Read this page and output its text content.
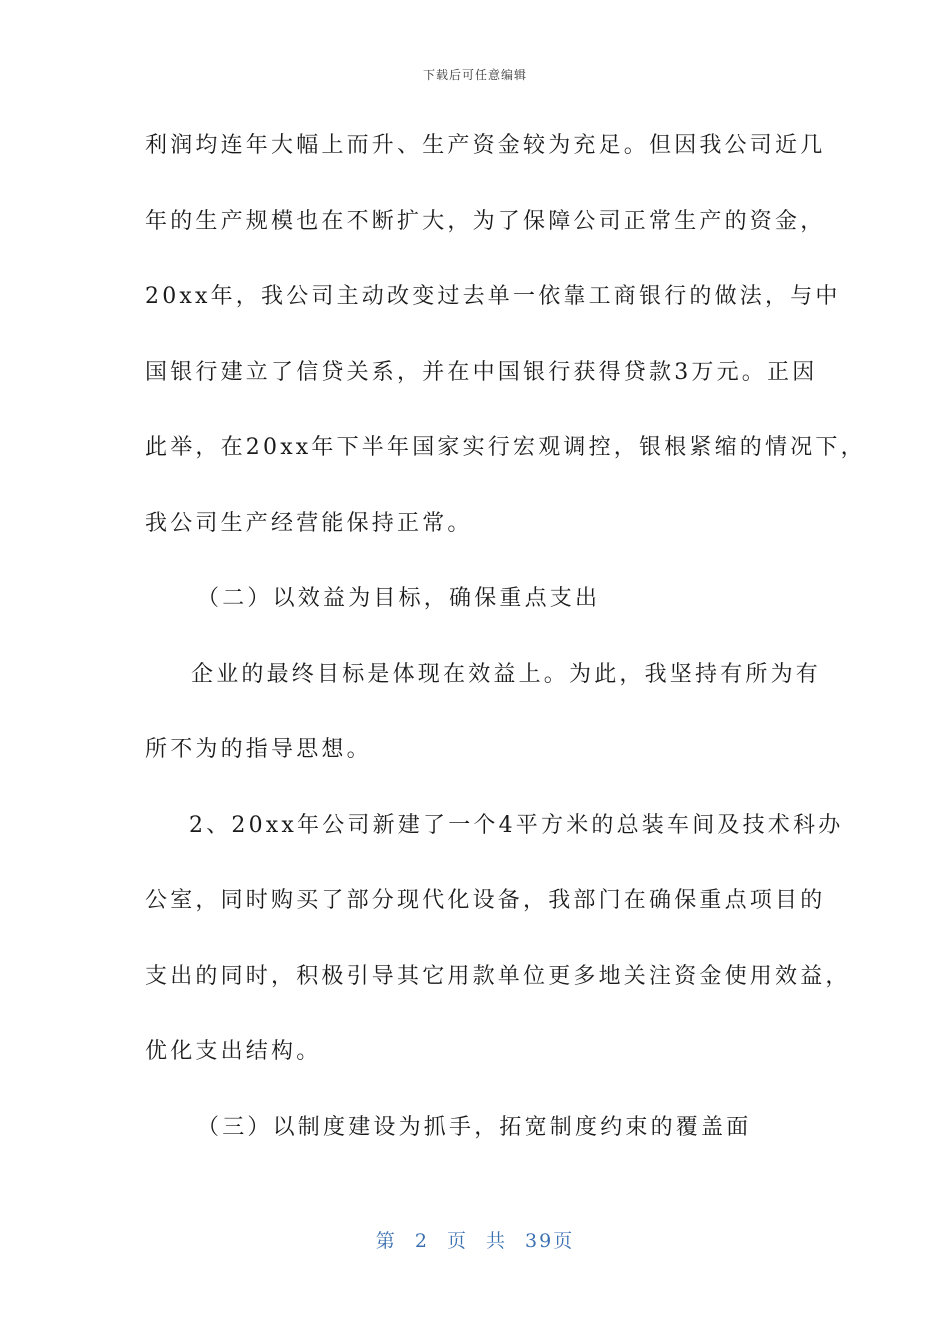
下载后可任意编辑
利润均连年大幅上而升、生产资金较为充足。但因我公司近几
年的生产规模也在不断扩大，为了保障公司正常生产的资金，
20xx年，我公司主动改变过去单一依靠工商银行的做法，与中
国银行建立了信贷关系，并在中国银行获得贷款3万元。正因
此举，在20xx年下半年国家实行宏观调控，银根紧缩的情况下，
我公司生产经营能保持正常。
（二）以效益为目标，确保重点支出
企业的最终目标是体现在效益上。为此，我坚持有所为有
所不为的指导思想。
2、20xx年公司新建了一个4平方米的总装车间及技术科办
公室，同时购买了部分现代化设备，我部门在确保重点项目的
支出的同时，积极引导其它用款单位更多地关注资金使用效益，
优化支出结构。
（三）以制度建设为抓手，拓宽制度约束的覆盖面
第 2 页 共 39页
